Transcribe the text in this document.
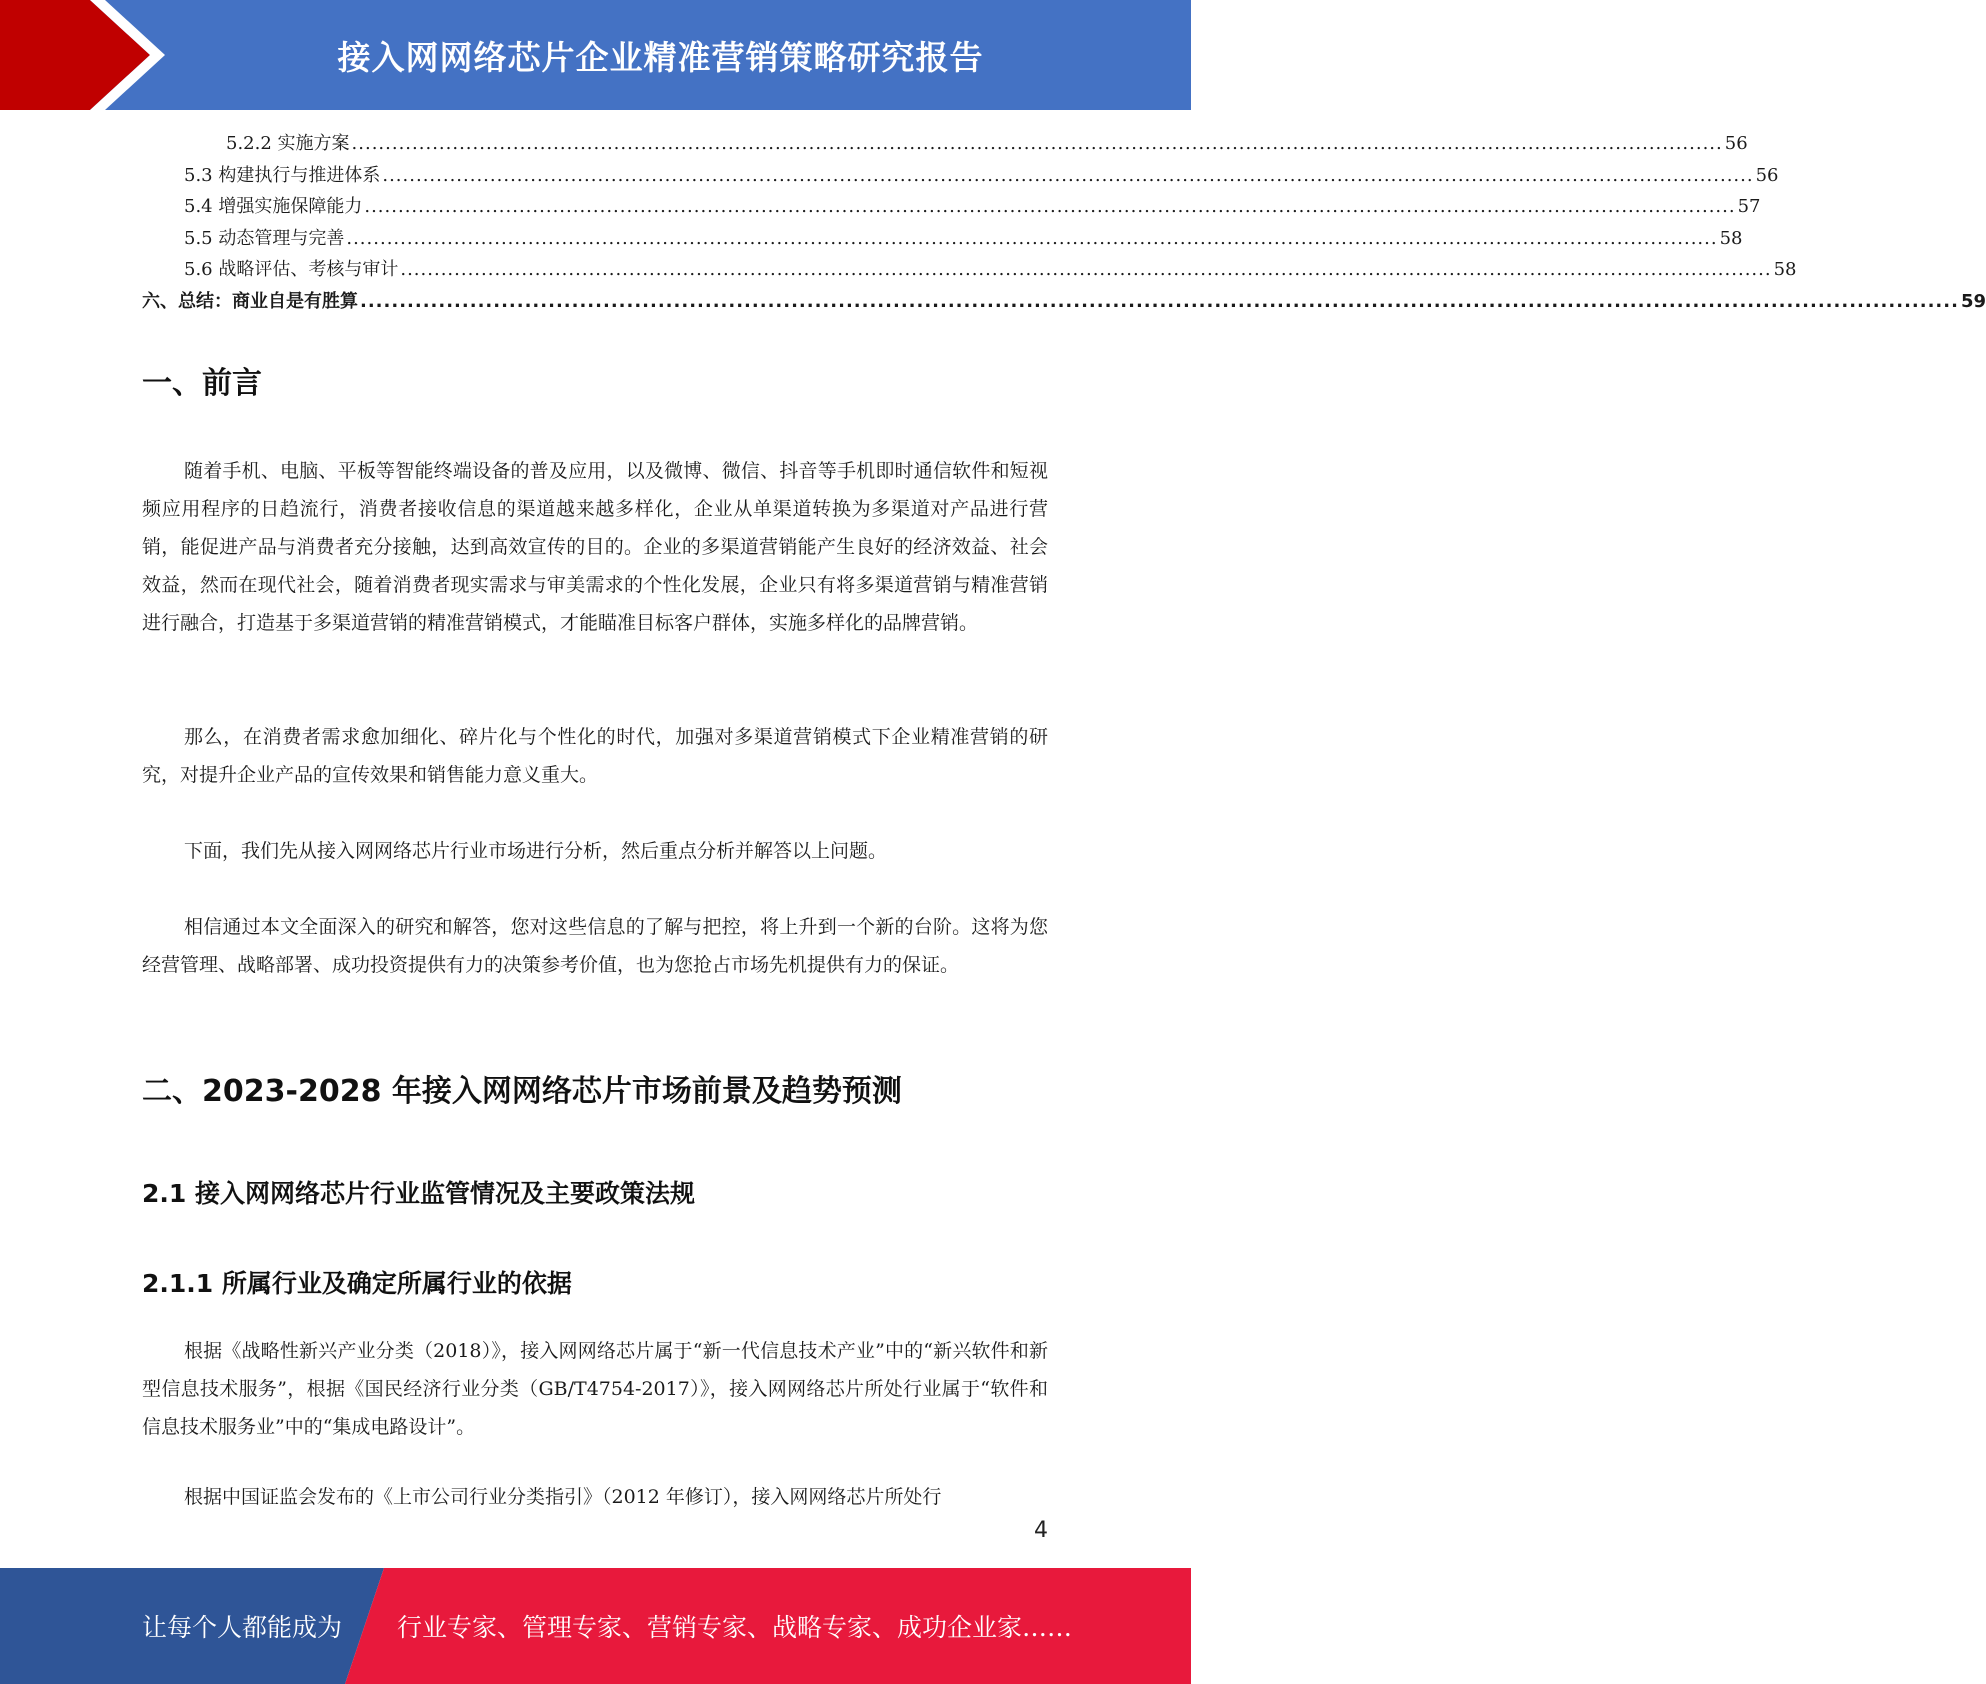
接入网网络芯片企业精准营销策略研究报告
5.2.2 实施方案 ............................................................................................................................................................................................................ 56
5.3 构建执行与推进体系 ............................................................................................................................................................................................................ 56
5.4 增强实施保障能力 ............................................................................................................................................................................................................ 57
5.5 动态管理与完善 ............................................................................................................................................................................................................ 58
5.6 战略评估、考核与审计 ............................................................................................................................................................................................................ 58
六、总结：商业自是有胜算 ............................................................................................................................................................................................................ 59
一、前言

随着手机、电脑、平板等智能终端设备的普及应用，以及微博、微信、抖音等手机即时通信软件和短视频应用程序的日趋流行，消费者接收信息的渠道越来越多样化，企业从单渠道转换为多渠道对产品进行营销，能促进产品与消费者充分接触，达到高效宣传的目的。企业的多渠道营销能产生良好的经济效益、社会效益，然而在现代社会，随着消费者现实需求与审美需求的个性化发展，企业只有将多渠道营销与精准营销进行融合，打造基于多渠道营销的精准营销模式，才能瞄准目标客户群体，实施多样化的品牌营销。

那么，在消费者需求愈加细化、碎片化与个性化的时代，加强对多渠道营销模式下企业精准营销的研究，对提升企业产品的宣传效果和销售能力意义重大。

下面，我们先从接入网网络芯片行业市场进行分析，然后重点分析并解答以上问题。

相信通过本文全面深入的研究和解答，您对这些信息的了解与把控，将上升到一个新的台阶。这将为您经营管理、战略部署、成功投资提供有力的决策参考价值，也为您抢占市场先机提供有力的保证。

二、2023-2028 年接入网网络芯片市场前景及趋势预测
2.1 接入网网络芯片行业监管情况及主要政策法规
2.1.1 所属行业及确定所属行业的依据

根据《战略性新兴产业分类（2018）》，接入网网络芯片属于“新一代信息技术产业”中的“新兴软件和新型信息技术服务”，根据《国民经济行业分类（GB/T4754-2017）》，接入网网络芯片所处行业属于“软件和信息技术服务业”中的“集成电路设计”。

根据中国证监会发布的《上市公司行业分类指引》（2012 年修订），接入网网络芯片所处行

4
让每个人都能成为 行业专家、管理专家、营销专家、战略专家、成功企业家……
